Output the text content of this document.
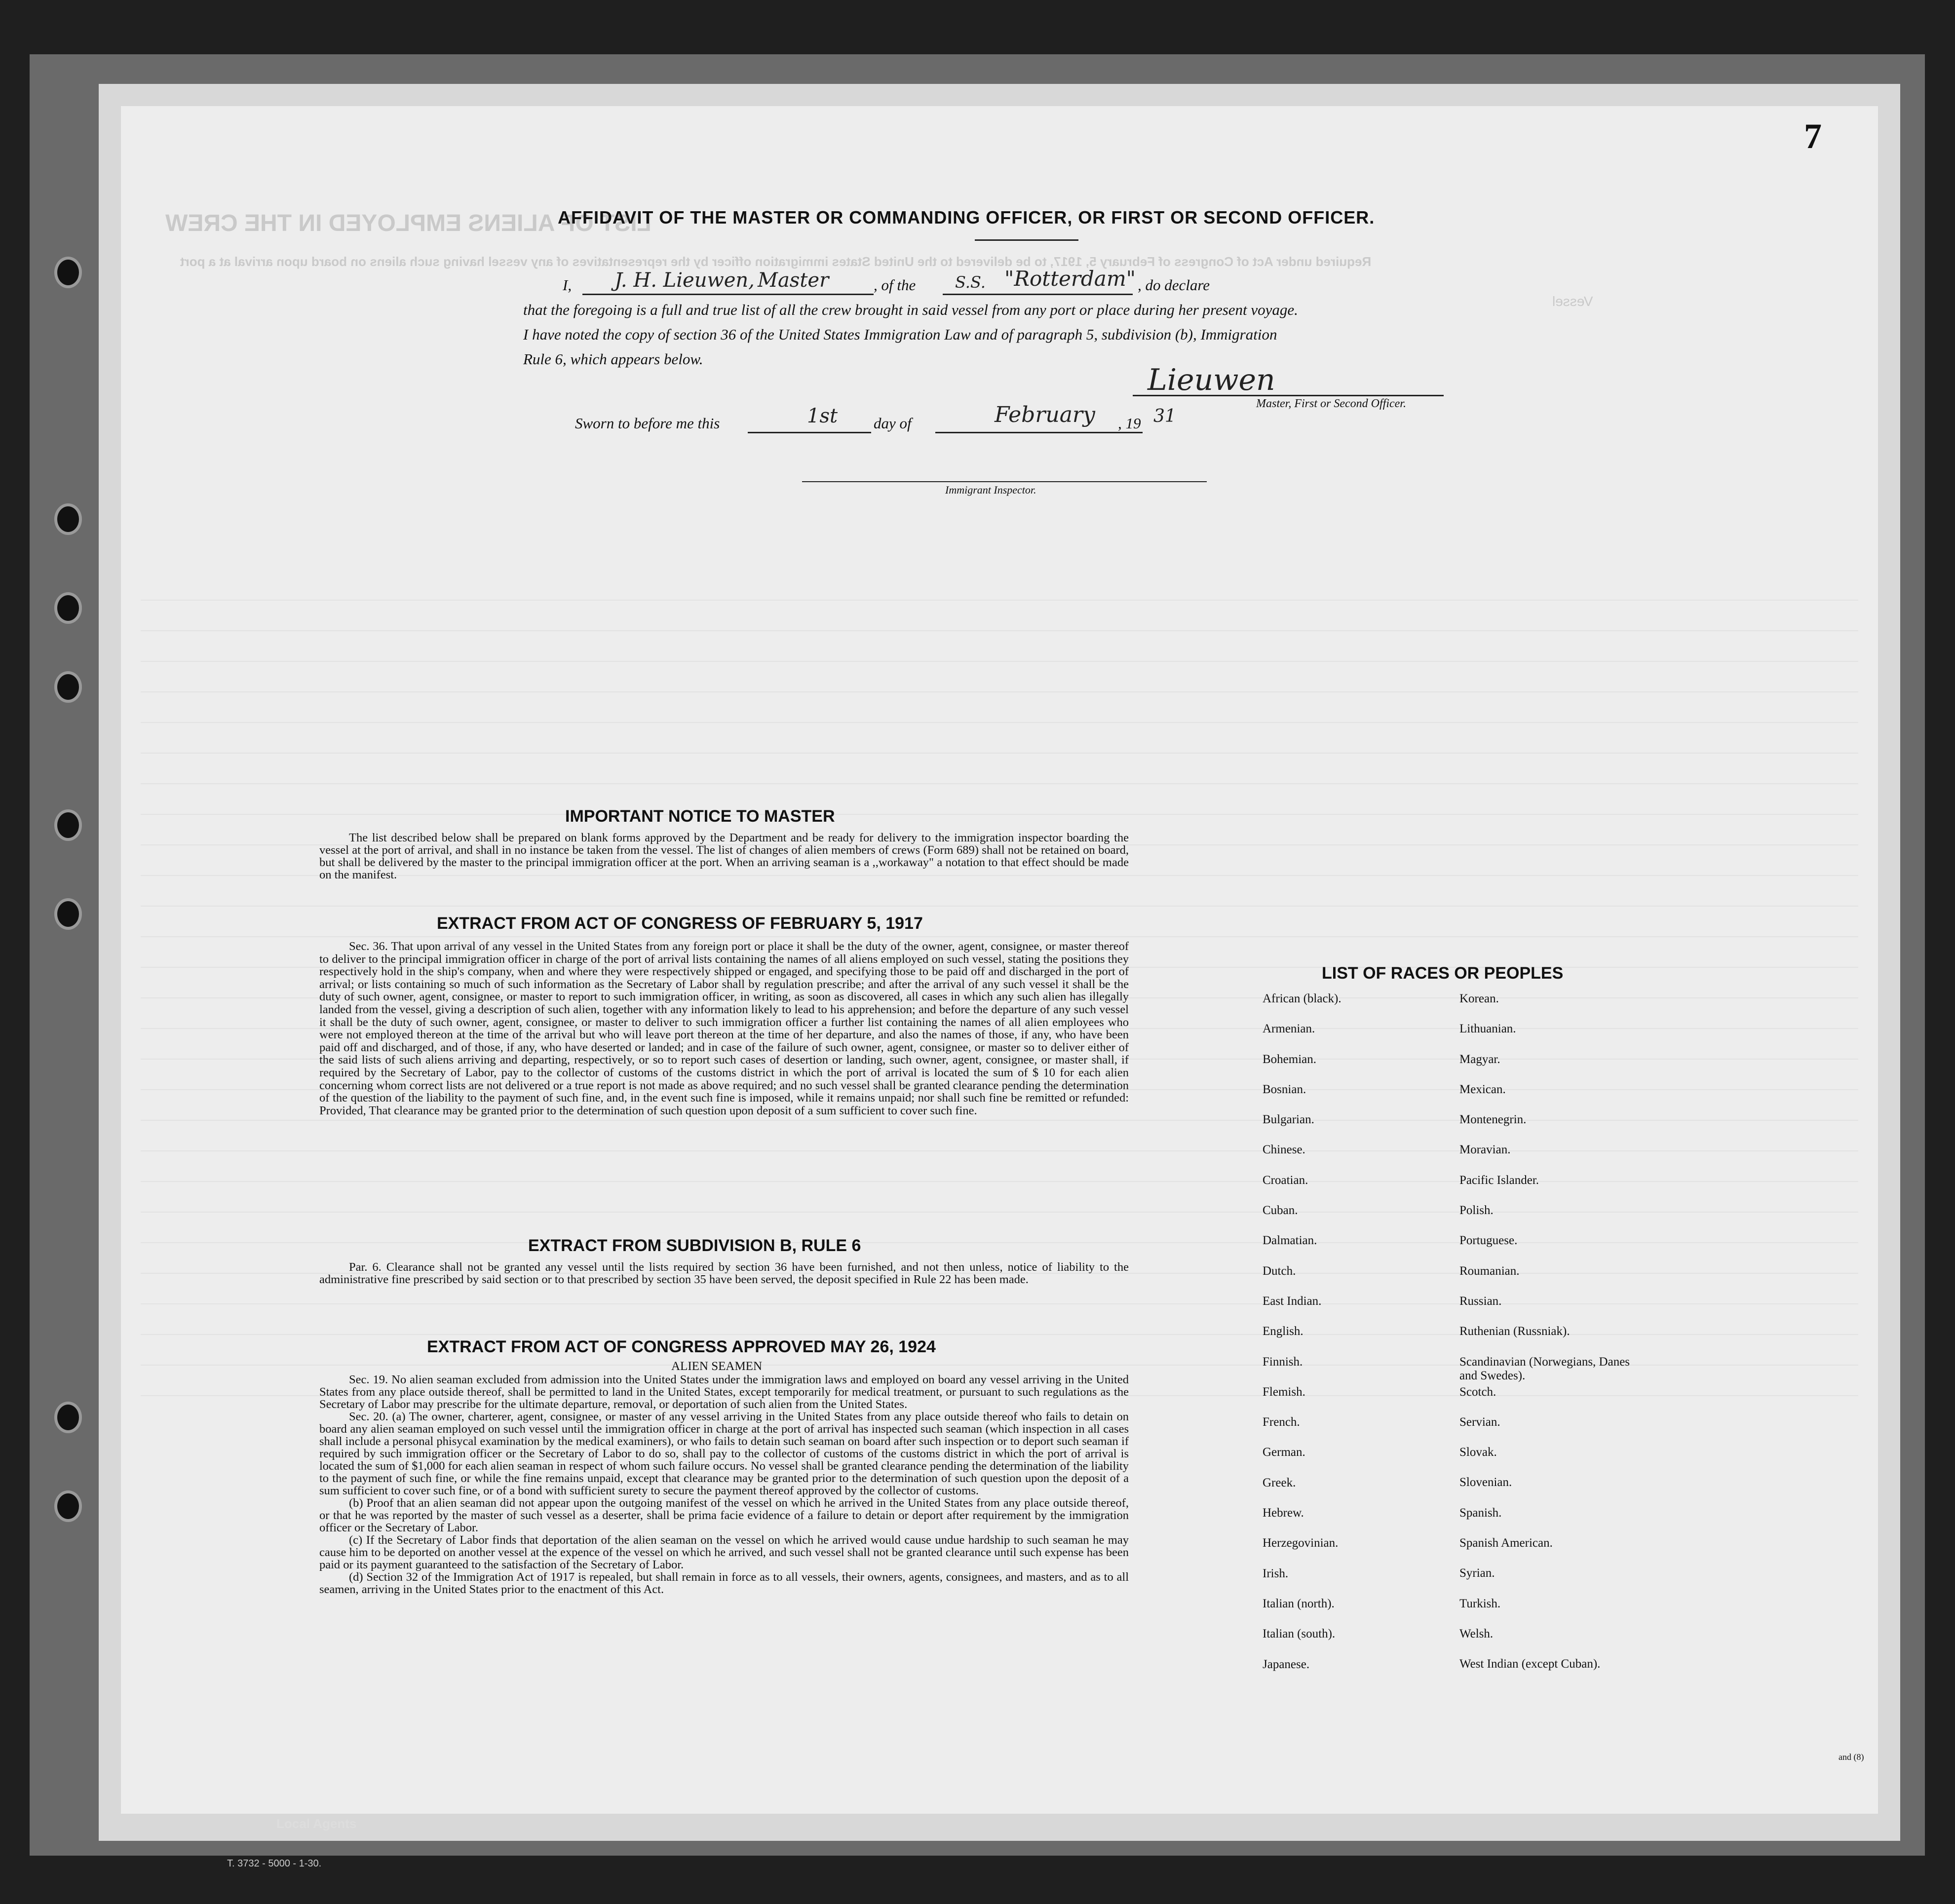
LIST OF ALIENS EMPLOYED IN THE CREW
Required under Act of Congress of February 5, 1917, to be delivered to the United States immigration officer by the representatives of any vessel having such aliens on board upon arrival at a port
Vessel
7
AFFIDAVIT OF THE MASTER OR COMMANDING OFFICER, OR FIRST OR SECOND OFFICER.
I, J. H. Lieuwen, Master	, of the S.S. "Rotterdam" , do declare
that the foregoing is a full and true list of all the crew brought in said vessel from any port or place during her present voyage.
I have noted the copy of section 36 of the United States Immigration Law and of paragraph 5, subdivision (b), Immigration
Rule 6, which appears below.
Lieuwen
Master, First or Second Officer.
Sworn to before me this	1st day of	February , 19 31
Immigrant Inspector.
IMPORTANT NOTICE TO MASTER
The list described below shall be prepared on blank forms approved by the Department and be ready for delivery to the immigration inspector boarding the vessel at the port of arrival, and shall in no instance be taken from the vessel. The list of changes of alien members of crews (Form 689) shall not be retained on board, but shall be delivered by the master to the principal immigration officer at the port. When an arriving seaman is a ,,workaway" a notation to that effect should be made on the manifest.
EXTRACT FROM ACT OF CONGRESS OF FEBRUARY 5, 1917
Sec. 36. That upon arrival of any vessel in the United States from any foreign port or place it shall be the duty of the owner, agent, consignee, or master thereof to deliver to the principal immigration officer in charge of the port of arrival lists containing the names of all aliens employed on such vessel, stating the positions they respectively hold in the ship's company, when and where they were respectively shipped or engaged, and specifying those to be paid off and discharged in the port of arrival; or lists containing so much of such information as the Secretary of Labor shall by regulation prescribe; and after the arrival of any such vessel it shall be the duty of such owner, agent, consignee, or master to report to such immigration officer, in writing, as soon as discovered, all cases in which any such alien has illegally landed from the vessel, giving a description of such alien, together with any information likely to lead to his apprehension; and before the departure of any such vessel it shall be the duty of such owner, agent, consignee, or master to deliver to such immigration officer a further list containing the names of all alien employees who were not employed thereon at the time of the arrival but who will leave port thereon at the time of her departure, and also the names of those, if any, who have been paid off and discharged, and of those, if any, who have deserted or landed; and in case of the failure of such owner, agent, consignee, or master so to deliver either of the said lists of such aliens arriving and departing, respectively, or so to report such cases of desertion or landing, such owner, agent, consignee, or master shall, if required by the Secretary of Labor, pay to the collector of customs of the customs district in which the port of arrival is located the sum of $ 10 for each alien concerning whom correct lists are not delivered or a true report is not made as above required; and no such vessel shall be granted clearance pending the determination of the question of the liability to the payment of such fine, and, in the event such fine is imposed, while it remains unpaid; nor shall such fine be remitted or refunded: Provided, That clearance may be granted prior to the determination of such question upon deposit of a sum sufficient to cover such fine.
EXTRACT FROM SUBDIVISION B, RULE 6
Par. 6. Clearance shall not be granted any vessel until the lists required by section 36 have been furnished, and not then unless, notice of liability to the administrative fine prescribed by said section or to that prescribed by section 35 have been served, the deposit specified in Rule 22 has been made.
EXTRACT FROM ACT OF CONGRESS APPROVED MAY 26, 1924
ALIEN SEAMEN
Sec. 19. No alien seaman excluded from admission into the United States under the immigration laws and employed on board any vessel arriving in the United States from any place outside thereof, shall be permitted to land in the United States, except temporarily for medical treatment, or pursuant to such regulations as the Secretary of Labor may prescribe for the ultimate departure, removal, or deportation of such alien from the United States.
Sec. 20. (a) The owner, charterer, agent, consignee, or master of any vessel arriving in the United States from any place outside thereof who fails to detain on board any alien seaman employed on such vessel until the immigration officer in charge at the port of arrival has inspected such seaman (which inspection in all cases shall include a personal phisycal examination by the medical examiners), or who fails to detain such seaman on board after such inspection or to deport such seaman if required by such immigration officer or the Secretary of Labor to do so, shall pay to the collector of customs of the customs district in which the port of arrival is located the sum of $1,000 for each alien seaman in respect of whom such failure occurs. No vessel shall be granted clearance pending the determination of the liability to the payment of such fine, or while the fine remains unpaid, except that clearance may be granted prior to the determination of such question upon the deposit of a sum sufficient to cover such fine, or of a bond with sufficient surety to secure the payment thereof approved by the collector of customs.
(b) Proof that an alien seaman did not appear upon the outgoing manifest of the vessel on which he arrived in the United States from any place outside thereof, or that he was reported by the master of such vessel as a deserter, shall be prima facie evidence of a failure to detain or deport after requirement by the immigration officer or the Secretary of Labor.
(c) If the Secretary of Labor finds that deportation of the alien seaman on the vessel on which he arrived would cause undue hardship to such seaman he may cause him to be deported on another vessel at the expence of the vessel on which he arrived, and such vessel shall not be granted clearance until such expense has been paid or its payment guaranteed to the satisfaction of the Secretary of Labor.
(d) Section 32 of the Immigration Act of 1917 is repealed, but shall remain in force as to all vessels, their owners, agents, consignees, and masters, and as to all seamen, arriving in the United States prior to the enactment of this Act.
LIST OF RACES OR PEOPLES
African (black).
Armenian.
Bohemian.
Bosnian.
Bulgarian.
Chinese.
Croatian.
Cuban.
Dalmatian.
Dutch.
East Indian.
English.
Finnish.
Flemish.
French.
German.
Greek.
Hebrew.
Herzegovinian.
Irish.
Italian (north).
Italian (south).
Japanese.
Korean.
Lithuanian.
Magyar.
Mexican.
Montenegrin.
Moravian.
Pacific Islander.
Polish.
Portuguese.
Roumanian.
Russian.
Ruthenian (Russniak).
Scandinavian (Norwegians, Danes and Swedes).
Scotch.
Servian.
Slovak.
Slovenian.
Spanish.
Spanish American.
Syrian.
Turkish.
Welsh.
West Indian (except Cuban).
and (8)
Local Agents
T. 3732 - 5000 - 1-30.
